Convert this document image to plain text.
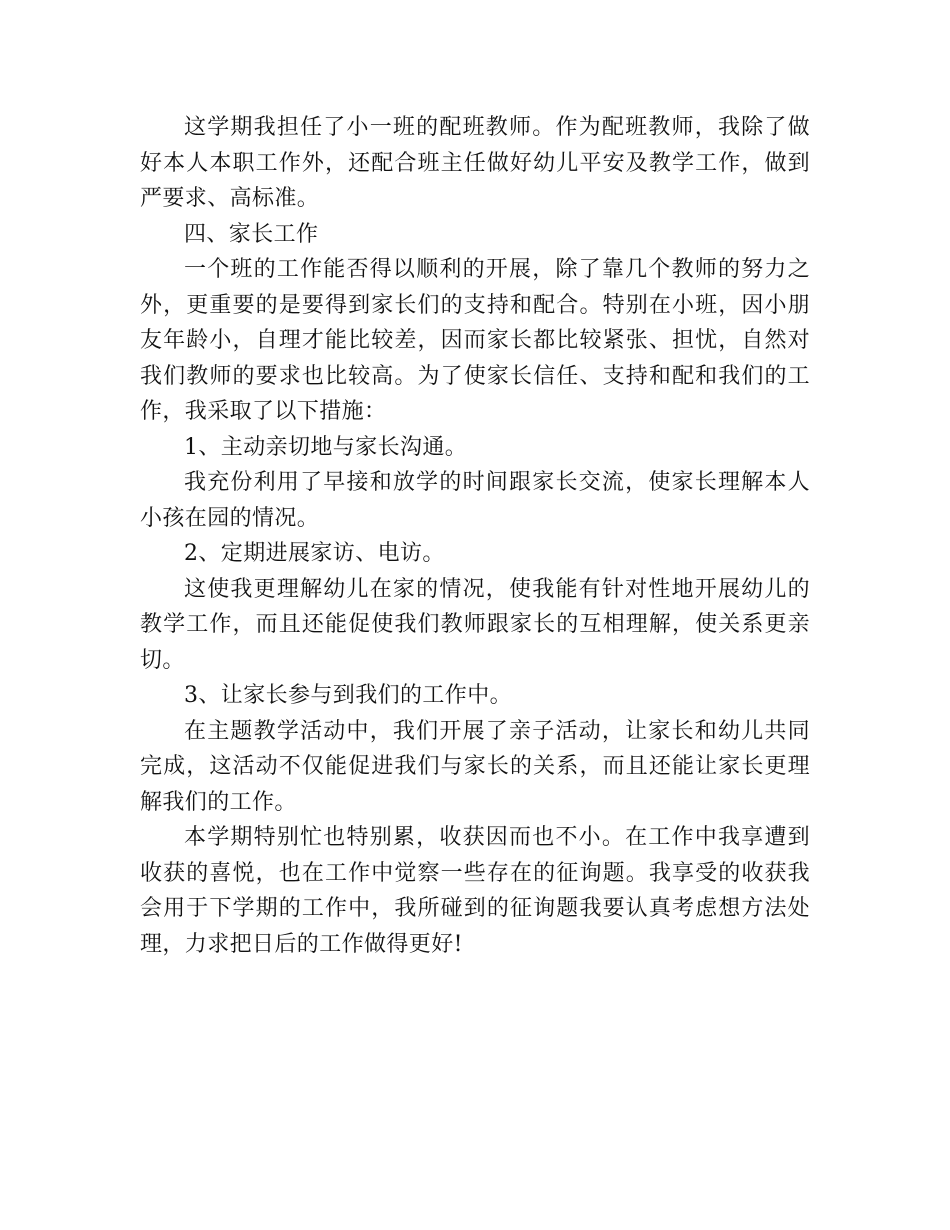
这学期我担任了小一班的配班教师。作为配班教师，我除了做好本人本职工作外，还配合班主任做好幼儿平安及教学工作，做到严要求、高标准。

四、家长工作

一个班的工作能否得以顺利的开展，除了靠几个教师的努力之外，更重要的是要得到家长们的支持和配合。特别在小班，因小朋友年龄小，自理才能比较差，因而家长都比较紧张、担忧，自然对我们教师的要求也比较高。为了使家长信任、支持和配和我们的工作，我采取了以下措施：

1、主动亲切地与家长沟通。

我充份利用了早接和放学的时间跟家长交流，使家长理解本人小孩在园的情况。

2、定期进展家访、电访。

这使我更理解幼儿在家的情况，使我能有针对性地开展幼儿的教学工作，而且还能促使我们教师跟家长的互相理解，使关系更亲切。

3、让家长参与到我们的工作中。

在主题教学活动中，我们开展了亲子活动，让家长和幼儿共同完成，这活动不仅能促进我们与家长的关系，而且还能让家长更理解我们的工作。

本学期特别忙也特别累，收获因而也不小。在工作中我享遭到收获的喜悦，也在工作中觉察一些存在的征询题。我享受的收获我会用于下学期的工作中，我所碰到的征询题我要认真考虑想方法处理，力求把日后的工作做得更好!
